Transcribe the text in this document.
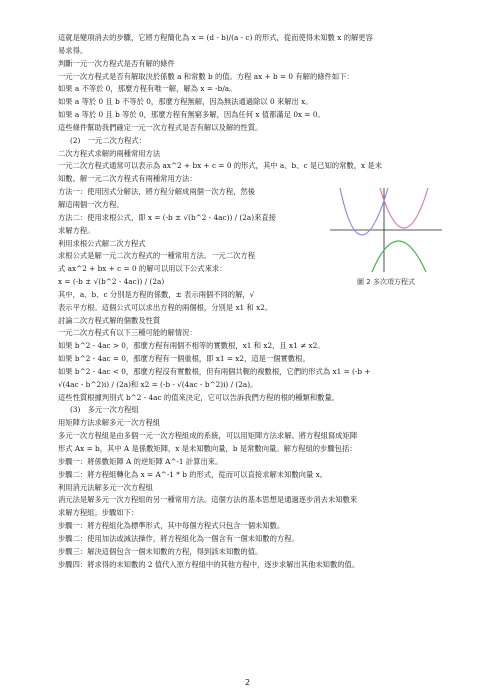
這就是變項消去的步驟，它將方程簡化為 x = (d - b)/(a - c) 的形式，從而使得未知數 x 的解更容

易求得。

判斷一元一次方程式是否有解的條件

一元一次方程式是否有解取決於係數 a 和常數 b 的值。方程 ax + b = 0 有解的條件如下：

如果 a 不等於 0，那麼方程有唯一解，解為 x = -b/a。

如果 a 等於 0 且 b 不等於 0，那麼方程無解，因為無法通過除以 0 來解出 x。

如果 a 等於 0 且 b 等於 0，那麼方程有無窮多解，因為任何 x 值都滿足 0x = 0。

這些條件幫助我們確定一元一次方程式是否有解以及解的性質。

(2)　一元二次方程式：

二次方程式求解的兩種常用方法

一元二次方程式通常可以表示為 ax^2 + bx + c = 0 的形式，其中 a、b、c 是已知的常數，x 是未

知數。解一元二次方程式有兩種常用方法：

方法一：使用因式分解法，將方程分解成兩個一次方程，然後

解這兩個一次方程。

方法二：使用求根公式，即 x = (-b ± √(b^2 - 4ac)) / (2a)來直接

求解方程。

利用求根公式解二次方程式

求根公式是解一元二次方程式的一種常用方法。一元二次方程

式 ax^2 + bx + c = 0 的解可以用以下公式來求：

x = (-b ± √(b^2 - 4ac)) / (2a)	圖 2 多次項方程式

其中，a、b、c 分別是方程的係數，± 表示兩個不同的解，√

表示平方根。這個公式可以求出方程的兩個根，分別是 x1 和 x2。

討論二次方程式解的個數及性質

一元二次方程式有以下三種可能的解情況：

如果 b^2 - 4ac > 0，那麼方程有兩個不相等的實數根，x1 和 x2，且 x1 ≠ x2。

如果 b^2 - 4ac = 0，那麼方程有一個重根，即 x1 = x2，這是一個實數根。

如果 b^2 - 4ac < 0，那麼方程沒有實數根，但有兩個共軛的複數根，它們的形式為 x1 = (-b +

√(4ac - b^2)i) / (2a)和 x2 = (-b - √(4ac - b^2)i) / (2a)。

這些性質根據判別式 b^2 - 4ac 的值來決定，它可以告訴我們方程的根的種類和數量。

(3)　多元一次方程組

用矩陣方法求解多元一次方程組

多元一次方程組是由多個一元一次方程組成的系統，可以用矩陣方法求解。將方程組寫成矩陣

形式 Ax = b，其中 A 是係數矩陣，x 是未知數向量，b 是常數向量。解方程組的步驟包括：

步驟一：將係數矩陣 A 的逆矩陣 A^-1 計算出來。

步驟二：將方程組轉化為 x = A^-1 * b 的形式，從而可以直接求解未知數向量 x。

利用消元法解多元一次方程組

消元法是解多元一次方程組的另一種常用方法。這個方法的基本思想是通過逐步消去未知數來

求解方程組。步驟如下：

步驟一：將方程組化為標準形式，其中每個方程式只包含一個未知數。

步驟二：使用加法或減法操作，將方程組化為一個含有一個未知數的方程。

步驟三：解決這個包含一個未知數的方程，得到該未知數的值。

步驟四：將求得的未知數的 2 值代入原方程組中的其他方程中，逐步求解出其他未知數的值。

2
